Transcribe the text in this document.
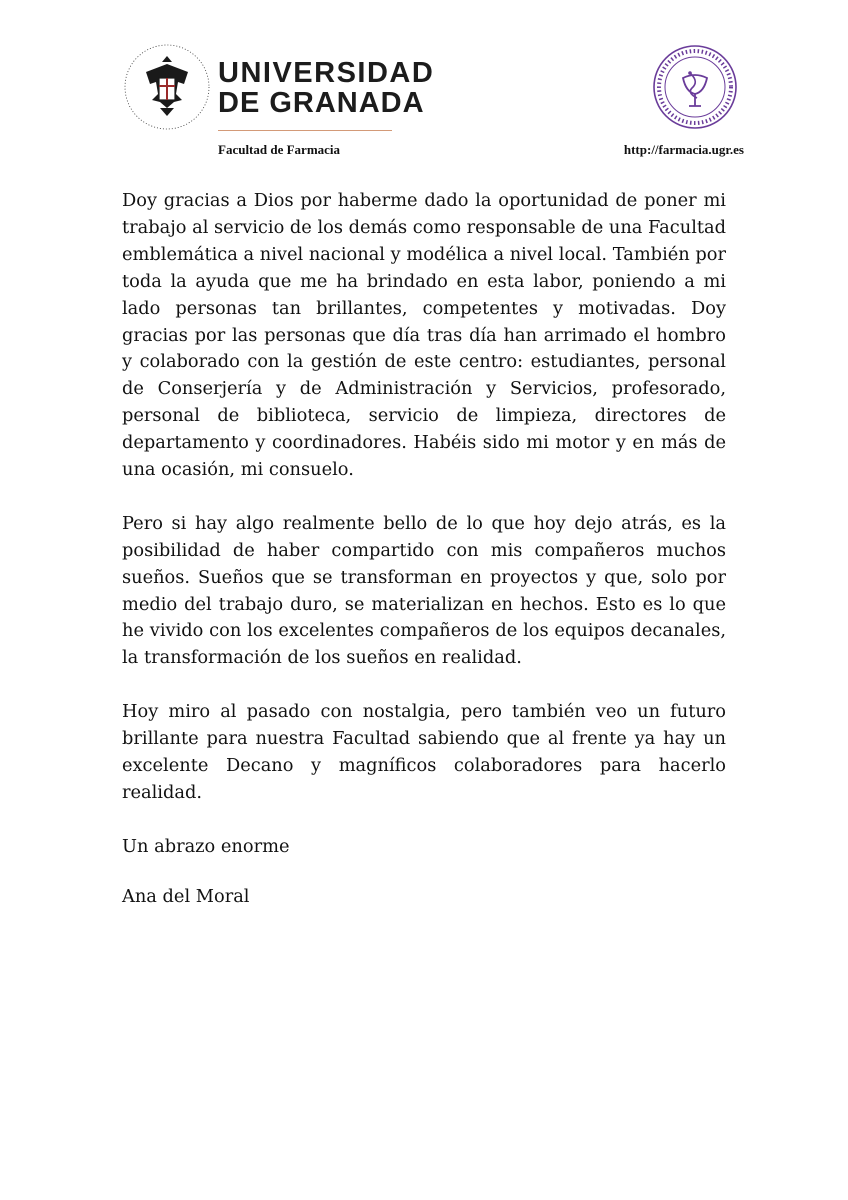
UNIVERSIDAD
DE GRANADA
Facultad de Farmacia	http://farmacia.ugr.es

Doy gracias a Dios por haberme dado la oportunidad de poner mi trabajo al servicio de los demás como responsable de una Facultad emblemática a nivel nacional y modélica a nivel local. También por toda la ayuda que me ha brindado en esta labor, poniendo a mi lado personas tan brillantes, competentes y motivadas. Doy gracias por las personas que día tras día han arrimado el hombro y colaborado con la gestión de este centro: estudiantes, personal de Conserjería y de Administración y Servicios, profesorado, personal de biblioteca, servicio de limpieza, directores de departamento y coordinadores. Habéis sido mi motor y en más de una ocasión, mi consuelo.

Pero si hay algo realmente bello de lo que hoy dejo atrás, es la posibilidad de haber compartido con mis compañeros muchos sueños. Sueños que se transforman en proyectos y que, solo por medio del trabajo duro, se materializan en hechos. Esto es lo que he vivido con los excelentes compañeros de los equipos decanales, la transformación de los sueños en realidad.

Hoy miro al pasado con nostalgia, pero también veo un futuro brillante para nuestra Facultad sabiendo que al frente ya hay un excelente Decano y magníficos colaboradores para hacerlo realidad.

Un abrazo enorme

Ana del Moral
